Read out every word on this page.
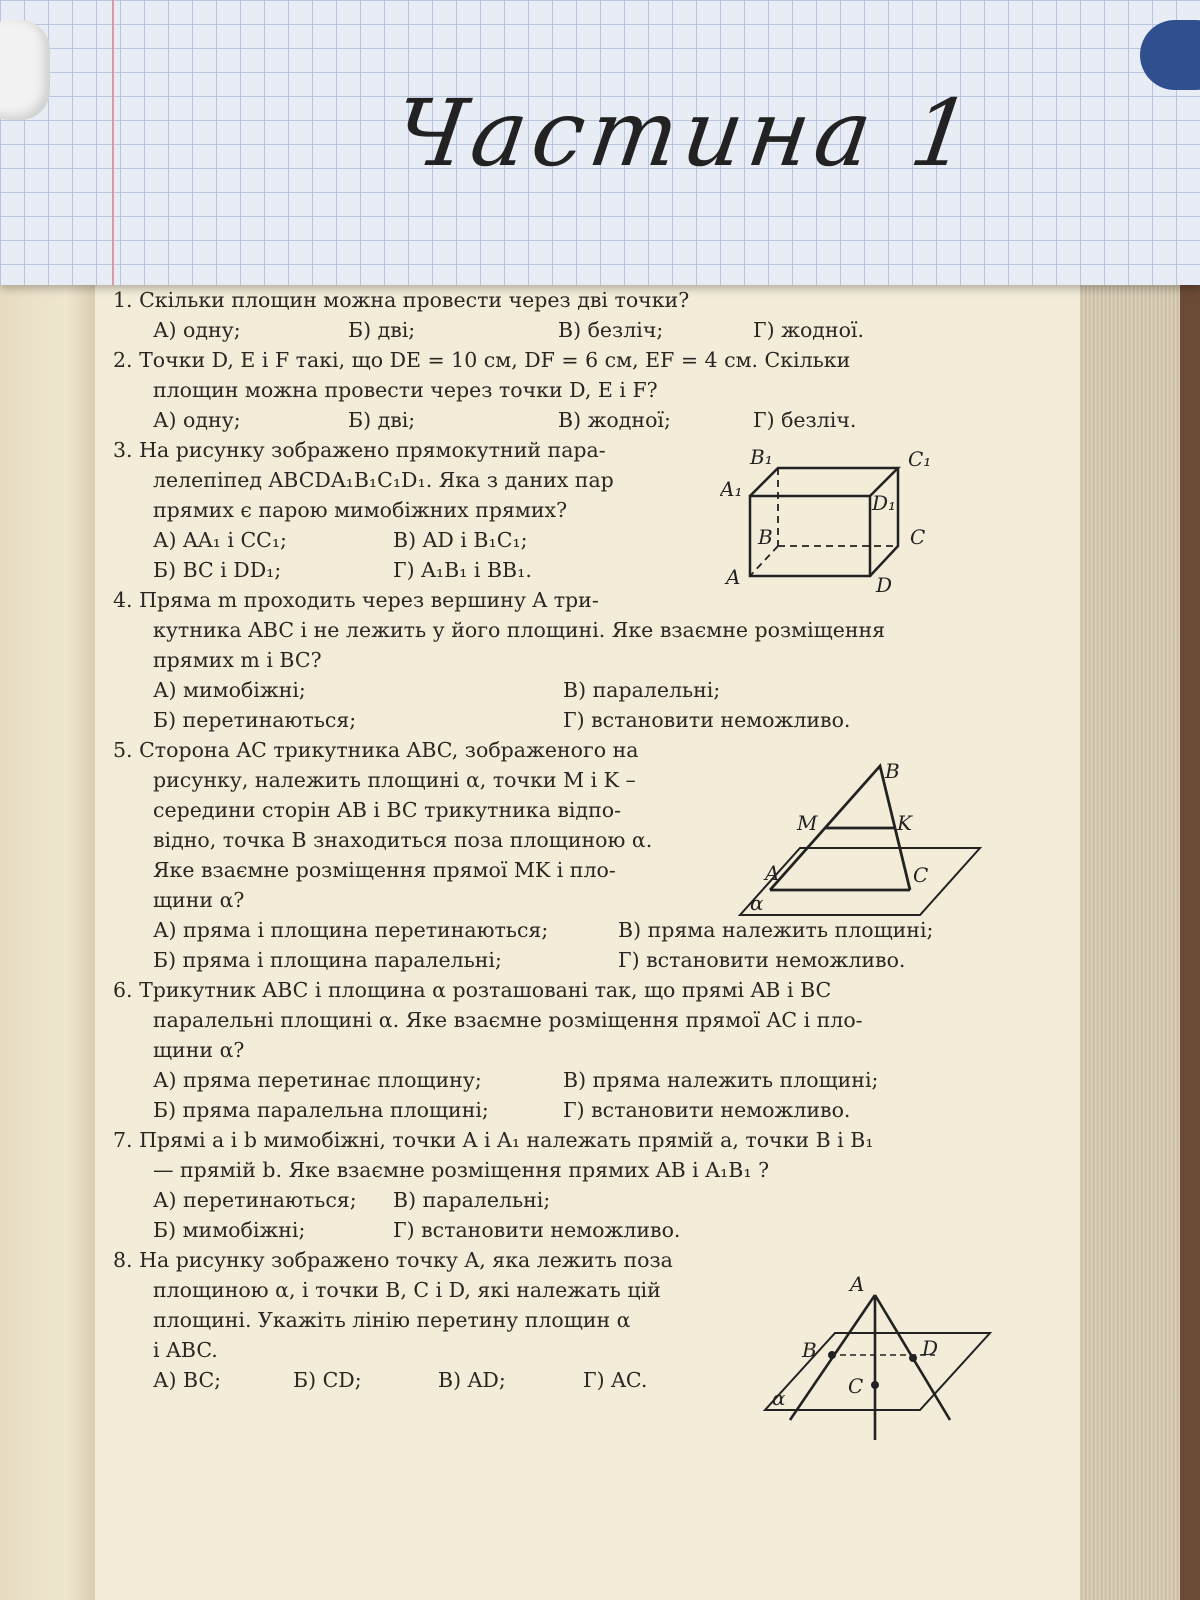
Частина 1
1. Скільки площин можна провести через дві точки?
А) одну;	Б) дві;	В) безліч;	Г) жодної.
2. Точки D, E і F такі, що DE = 10 см, DF = 6 см, EF = 4 см. Скільки
площин можна провести через точки D, E і F?
А) одну;	Б) дві;	В) жодної;	Г) безліч.
3. На рисунку зображено прямокутний пара-
лелепіпед ABCDA₁B₁C₁D₁. Яка з даних пар
прямих є парою мимобіжних прямих?
А) AA₁ і CC₁;	В) AD і B₁C₁;
Б) BC і DD₁;	Г) A₁B₁ і BB₁.
4. Пряма m проходить через вершину A три-
кутника ABC і не лежить у його площині. Яке взаємне розміщення
прямих m і BC?
А) мимобіжні;	В) паралельні;
Б) перетинаються;	Г) встановити неможливо.
5. Сторона AC трикутника ABC, зображеного на
рисунку, належить площині α, точки M і K –
середини сторін AB і BC трикутника відпо-
відно, точка B знаходиться поза площиною α.
Яке взаємне розміщення прямої MK і пло-
щини α?
А) пряма і площина перетинаються;	В) пряма належить площині;
Б) пряма і площина паралельні;	Г) встановити неможливо.
6. Трикутник ABC і площина α розташовані так, що прямі AB і BC
паралельні площині α. Яке взаємне розміщення прямої AC і пло-
щини α?
А) пряма перетинає площину;	В) пряма належить площині;
Б) пряма паралельна площині;	Г) встановити неможливо.
7. Прямі a і b мимобіжні, точки A і A₁ належать прямій a, точки B і B₁
— прямій b. Яке взаємне розміщення прямих AB і A₁B₁ ?
А) перетинаються;	В) паралельні;
Б) мимобіжні;	Г) встановити неможливо.
8. На рисунку зображено точку A, яка лежить поза
площиною α, і точки B, C і D, які належать цій
площині. Укажіть лінію перетину площин α
і ABC.
А) BC;	Б) CD;	В) AD;	Г) AC.
B₁	C₁
A₁
D₁
B	C
A	D
B
M	K
A	C
α
A
B	D
C
α
